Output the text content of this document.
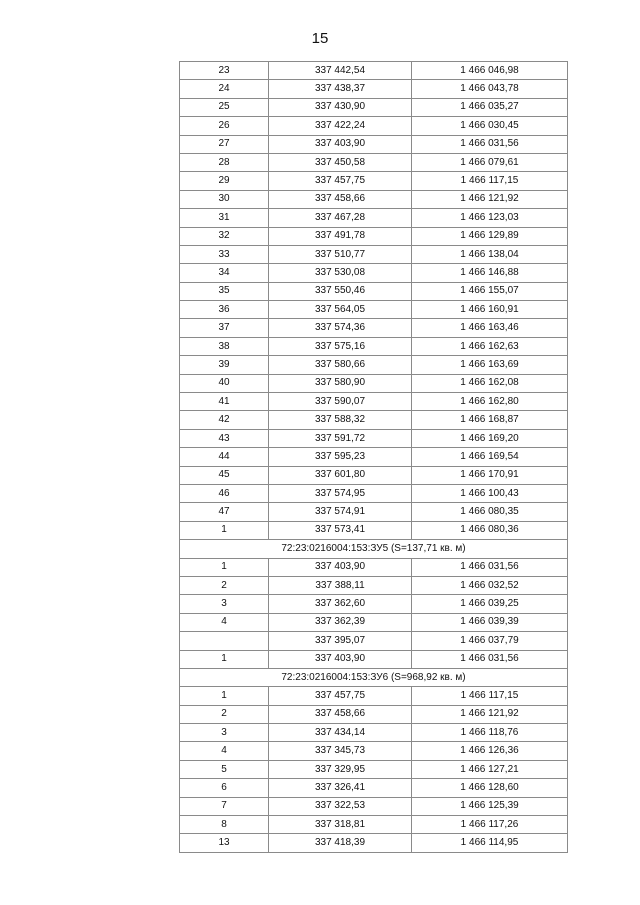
15
23	337 442,54	1 466 046,98
24	337 438,37	1 466 043,78
25	337 430,90	1 466 035,27
26	337 422,24	1 466 030,45
27	337 403,90	1 466 031,56
28	337 450,58	1 466 079,61
29	337 457,75	1 466 117,15
30	337 458,66	1 466 121,92
31	337 467,28	1 466 123,03
32	337 491,78	1 466 129,89
33	337 510,77	1 466 138,04
34	337 530,08	1 466 146,88
35	337 550,46	1 466 155,07
36	337 564,05	1 466 160,91
37	337 574,36	1 466 163,46
38	337 575,16	1 466 162,63
39	337 580,66	1 466 163,69
40	337 580,90	1 466 162,08
41	337 590,07	1 466 162,80
42	337 588,32	1 466 168,87
43	337 591,72	1 466 169,20
44	337 595,23	1 466 169,54
45	337 601,80	1 466 170,91
46	337 574,95	1 466 100,43
47	337 574,91	1 466 080,35
1	337 573,41	1 466 080,36
72:23:0216004:153:ЗУ5 (S=137,71 кв. м)		
1	337 403,90	1 466 031,56
2	337 388,11	1 466 032,52
3	337 362,60	1 466 039,25
4	337 362,39	1 466 039,39
	337 395,07	1 466 037,79
1	337 403,90	1 466 031,56
72:23:0216004:153:ЗУ6 (S=968,92 кв. м)		
1	337 457,75	1 466 117,15
2	337 458,66	1 466 121,92
3	337 434,14	1 466 118,76
4	337 345,73	1 466 126,36
5	337 329,95	1 466 127,21
6	337 326,41	1 466 128,60
7	337 322,53	1 466 125,39
8	337 318,81	1 466 117,26
13	337 418,39	1 466 114,95
